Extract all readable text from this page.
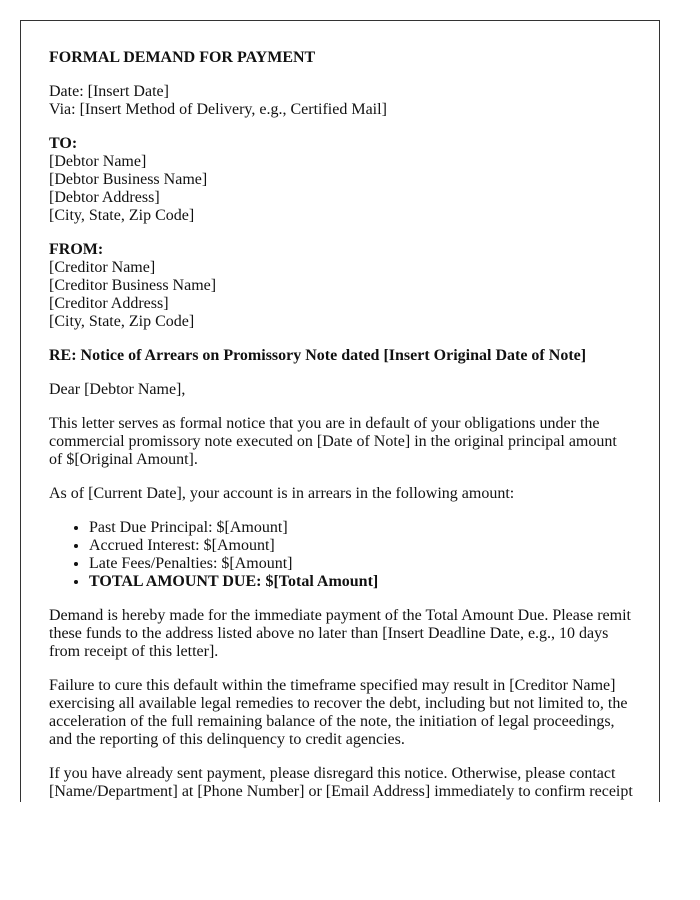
FORMAL DEMAND FOR PAYMENT
Date: [Insert Date]
Via: [Insert Method of Delivery, e.g., Certified Mail]
TO:
[Debtor Name]
[Debtor Business Name]
[Debtor Address]
[City, State, Zip Code]
FROM:
[Creditor Name]
[Creditor Business Name]
[Creditor Address]
[City, State, Zip Code]
RE: Notice of Arrears on Promissory Note dated [Insert Original Date of Note]
Dear [Debtor Name],
This letter serves as formal notice that you are in default of your obligations under the
commercial promissory note executed on [Date of Note] in the original principal amount
of $[Original Amount].
As of [Current Date], your account is in arrears in the following amount:
• Past Due Principal: $[Amount]
• Accrued Interest: $[Amount]
• Late Fees/Penalties: $[Amount]
• TOTAL AMOUNT DUE: $[Total Amount]
Demand is hereby made for the immediate payment of the Total Amount Due. Please remit
these funds to the address listed above no later than [Insert Deadline Date, e.g., 10 days
from receipt of this letter].
Failure to cure this default within the timeframe specified may result in [Creditor Name]
exercising all available legal remedies to recover the debt, including but not limited to, the
acceleration of the full remaining balance of the note, the initiation of legal proceedings,
and the reporting of this delinquency to credit agencies.
If you have already sent payment, please disregard this notice. Otherwise, please contact
[Name/Department] at [Phone Number] or [Email Address] immediately to confirm receipt
